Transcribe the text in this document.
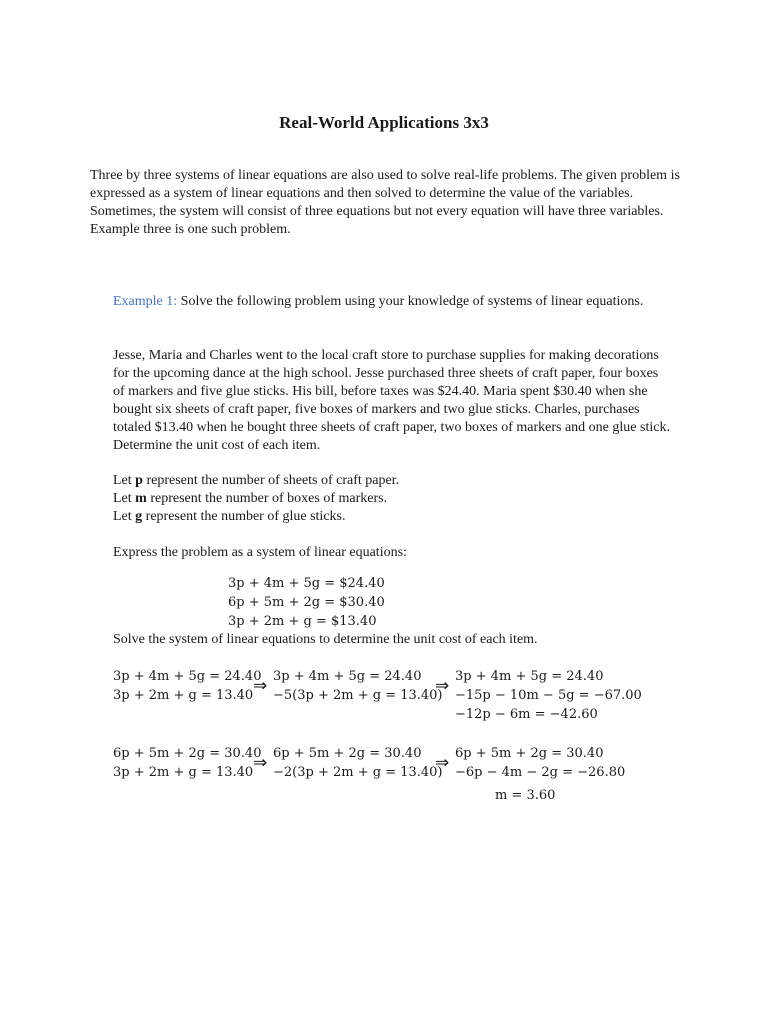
Real-World Applications 3x3

Three by three systems of linear equations are also used to solve real-life problems. The given problem is expressed as a system of linear equations and then solved to determine the value of the variables. Sometimes, the system will consist of three equations but not every equation will have three variables. Example three is one such problem.

Example 1: Solve the following problem using your knowledge of systems of linear equations.

Jesse, Maria and Charles went to the local craft store to purchase supplies for making decorations for the upcoming dance at the high school. Jesse purchased three sheets of craft paper, four boxes of markers and five glue sticks. His bill, before taxes was $24.40. Maria spent $30.40 when she bought six sheets of craft paper, five boxes of markers and two glue sticks. Charles, purchases totaled $13.40 when he bought three sheets of craft paper, two boxes of markers and one glue stick. Determine the unit cost of each item.

Let p represent the number of sheets of craft paper.

Let m represent the number of boxes of markers.

Let g represent the number of glue sticks.

Express the problem as a system of linear equations:

3p + 4m + 5g = $24.40
6p + 5m + 2g = $30.40
3p + 2m + g = $13.40

Solve the system of linear equations to determine the unit cost of each item.

3p + 4m + 5g = 24.40
3p + 2m + g = 13.40 ⇒ 3p + 4m + 5g = 24.40
−5(3p + 2m + g = 13.40)
⇒ 3p + 4m + 5g = 24.40
−15p − 10m − 5g = −67.00
−12p − 6m = −42.60
6p + 5m + 2g = 30.40
3p + 2m + g = 13.40 ⇒ 6p + 5m + 2g = 30.40
−2(3p + 2m + g = 13.40)
⇒ 6p + 5m + 2g = 30.40
−6p − 4m − 2g = −26.80
m = 3.60
